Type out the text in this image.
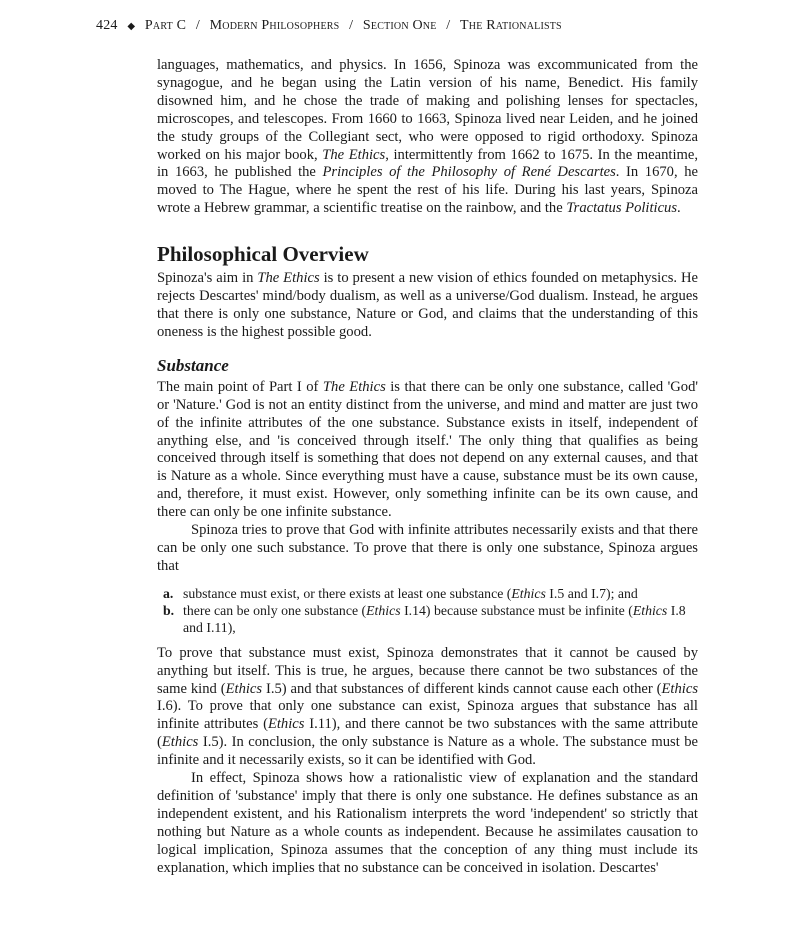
424 ◆ Part C / Modern Philosophers / Section One / The Rationalists

languages, mathematics, and physics. In 1656, Spinoza was excommunicated from the synagogue, and he began using the Latin version of his name, Benedict. His family disowned him, and he chose the trade of making and polishing lenses for spectacles, microscopes, and telescopes. From 1660 to 1663, Spinoza lived near Leiden, and he joined the study groups of the Collegiant sect, who were opposed to rigid orthodoxy. Spinoza worked on his major book, The Ethics, intermittently from 1662 to 1675. In the meantime, in 1663, he published the Principles of the Philosophy of René Descartes. In 1670, he moved to The Hague, where he spent the rest of his life. During his last years, Spinoza wrote a Hebrew grammar, a scientific treatise on the rainbow, and the Tractatus Politicus.

Philosophical Overview

Spinoza's aim in The Ethics is to present a new vision of ethics founded on metaphysics. He rejects Descartes' mind/body dualism, as well as a universe/God dualism. Instead, he argues that there is only one substance, Nature or God, and claims that the understanding of this oneness is the highest possible good.

Substance

The main point of Part I of The Ethics is that there can be only one substance, called 'God' or 'Nature.' God is not an entity distinct from the universe, and mind and matter are just two of the infinite attributes of the one substance. Substance exists in itself, independent of anything else, and 'is conceived through itself.' The only thing that qualifies as being conceived through itself is something that does not depend on any external causes, and that is Nature as a whole. Since everything must have a cause, substance must be its own cause, and, therefore, it must exist. However, only something infinite can be its own cause, and there can only be one infinite substance.

Spinoza tries to prove that God with infinite attributes necessarily exists and that there can be only one such substance. To prove that there is only one substance, Spinoza argues that

a. substance must exist, or there exists at least one substance (Ethics I.5 and I.7); and
b. there can be only one substance (Ethics I.14) because substance must be infinite (Ethics I.8 and I.11),

To prove that substance must exist, Spinoza demonstrates that it cannot be caused by anything but itself. This is true, he argues, because there cannot be two substances of the same kind (Ethics I.5) and that substances of different kinds cannot cause each other (Ethics I.6). To prove that only one substance can exist, Spinoza argues that substance has all infinite attributes (Ethics I.11), and there cannot be two substances with the same attribute (Ethics I.5). In conclusion, the only substance is Nature as a whole. The substance must be infinite and it necessarily exists, so it can be identified with God.

In effect, Spinoza shows how a rationalistic view of explanation and the standard definition of 'substance' imply that there is only one substance. He defines substance as an independent existent, and his Rationalism interprets the word 'independent' so strictly that nothing but Nature as a whole counts as independent. Because he assimilates causation to logical implication, Spinoza assumes that the conception of any thing must include its explanation, which implies that no substance can be conceived in isolation. Descartes'
